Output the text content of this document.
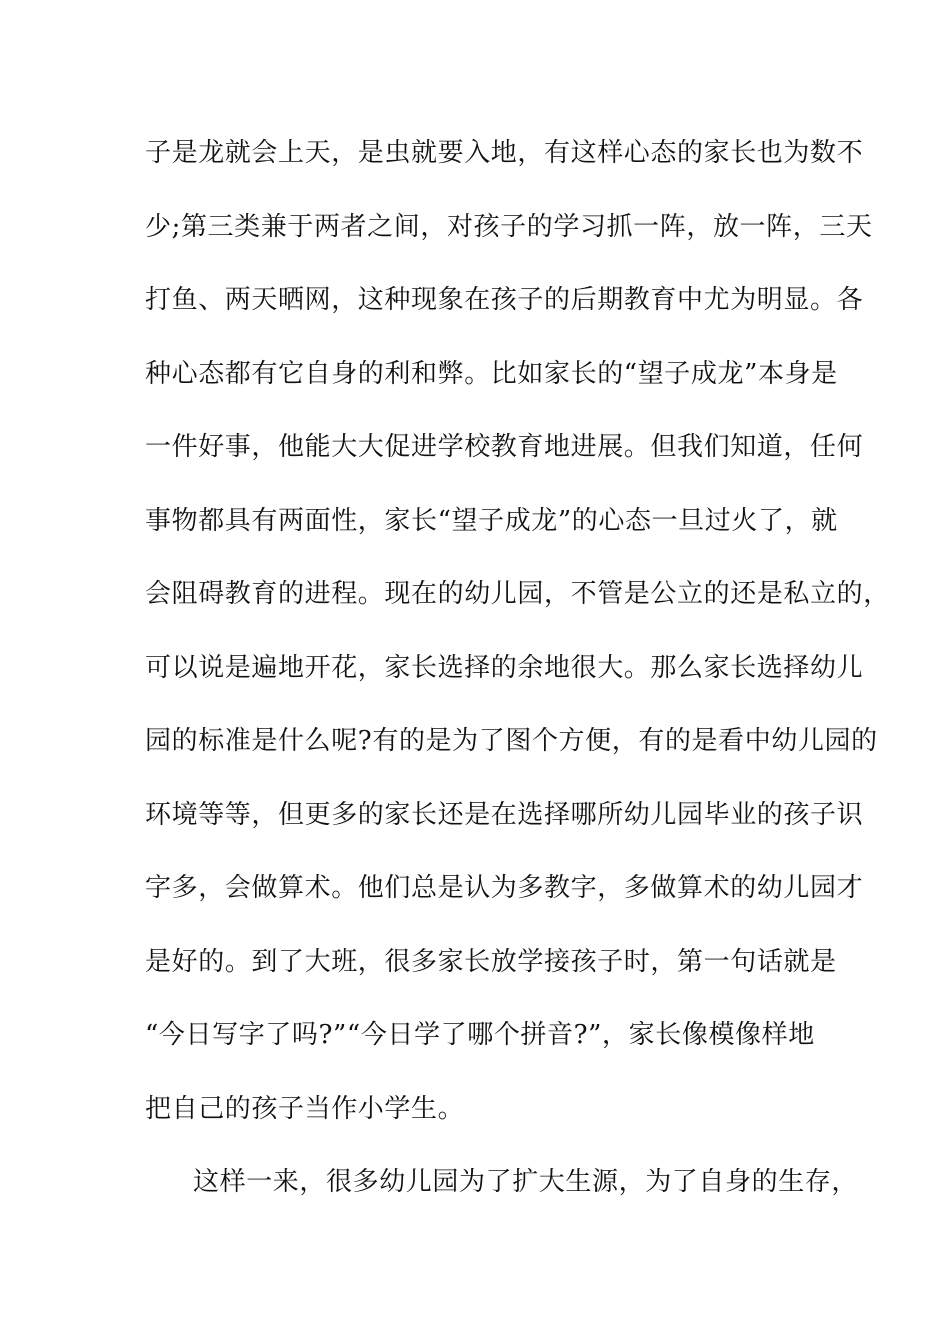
子是龙就会上天，是虫就要入地，有这样心态的家长也为数不
少;第三类兼于两者之间，对孩子的学习抓一阵，放一阵，三天
打鱼、两天晒网，这种现象在孩子的后期教育中尤为明显。各
种心态都有它自身的利和弊。比如家长的“望子成龙”本身是
一件好事，他能大大促进学校教育地进展。但我们知道，任何
事物都具有两面性，家长“望子成龙”的心态一旦过火了，就
会阻碍教育的进程。现在的幼儿园，不管是公立的还是私立的，
可以说是遍地开花，家长选择的余地很大。那么家长选择幼儿
园的标准是什么呢?有的是为了图个方便，有的是看中幼儿园的
环境等等，但更多的家长还是在选择哪所幼儿园毕业的孩子识
字多，会做算术。他们总是认为多教字，多做算术的幼儿园才
是好的。到了大班，很多家长放学接孩子时，第一句话就是
“今日写字了吗?”“今日学了哪个拼音?”，家长像模像样地
把自己的孩子当作小学生。
这样一来，很多幼儿园为了扩大生源，为了自身的生存，
